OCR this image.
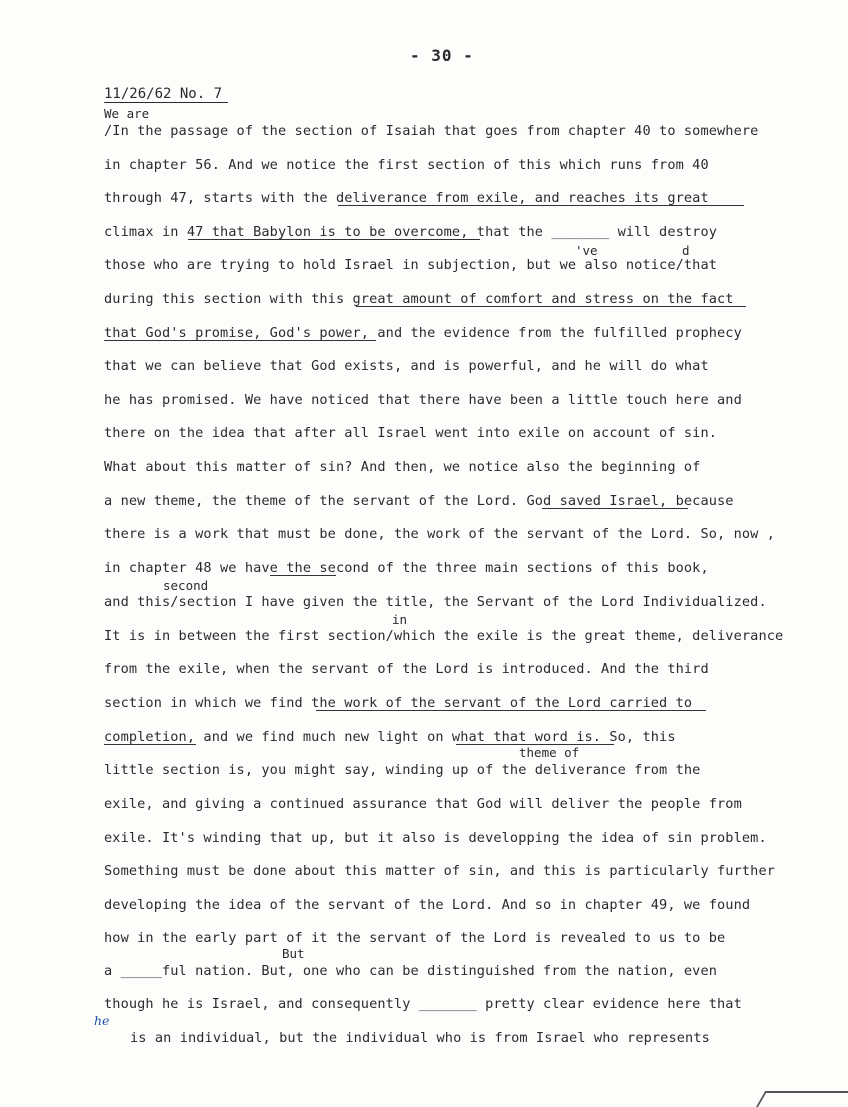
- 30 -
11/26/62 No. 7
We are
've	d
second
in
theme of
But
he
/In the passage of the section of Isaiah that goes from chapter 40 to somewhere
in chapter 56. And we notice the first section of this which runs from 40
through 47, starts with the deliverance from exile, and reaches its great
climax in 47 that Babylon is to be overcome, that the _______ will destroy
those who are trying to hold Israel in subjection, but we also notice/that
during this section with this great amount of comfort and stress on the fact
that God's promise, God's power, and the evidence from the fulfilled prophecy
that we can believe that God exists, and is powerful, and he will do what
he has promised. We have noticed that there have been a little touch here and
there on the idea that after all Israel went into exile on account of sin.
What about this matter of sin? And then, we notice also the beginning of
a new theme, the theme of the servant of the Lord. God saved Israel, because
there is a work that must be done, the work of the servant of the Lord. So, now ,
in chapter 48 we have the second of the three main sections of this book,
and this/section I have given the title, the Servant of the Lord Individualized.
It is in between the first section/which the exile is the great theme, deliverance
from the exile, when the servant of the Lord is introduced. And the third
section in which we find the work of the servant of the Lord carried to
completion, and we find much new light on what that word is. So, this
little section is, you might say, winding up of the deliverance from the
exile, and giving a continued assurance that God will deliver the people from
exile. It's winding that up, but it also is developping the idea of sin problem.
Something must be done about this matter of sin, and this is particularly further
developing the idea of the servant of the Lord. And so in chapter 49, we found
how in the early part of it the servant of the Lord is revealed to us to be
a _____ful nation. But, one who can be distinguished from the nation, even
though he is Israel, and consequently _______ pretty clear evidence here that
is an individual, but the individual who is from Israel who represents
